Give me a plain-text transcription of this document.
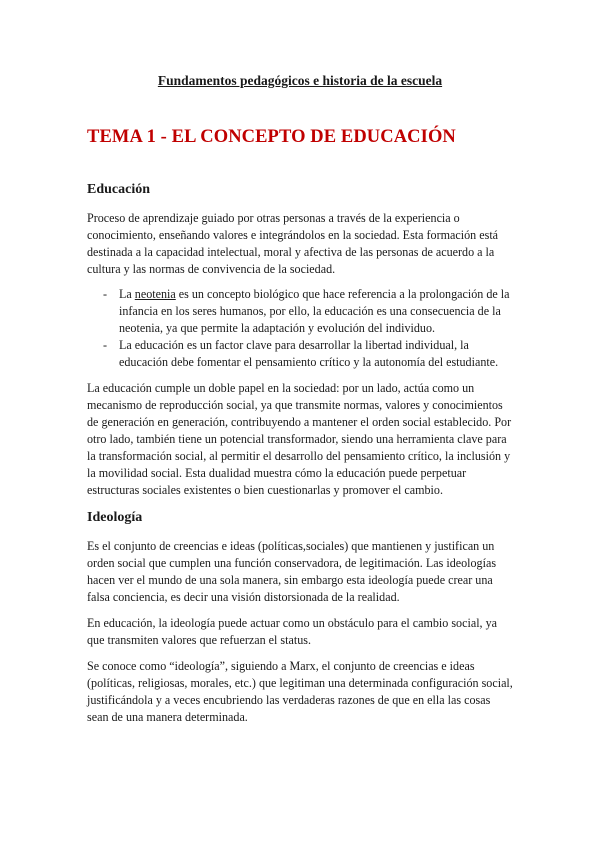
Fundamentos pedagógicos e historia de la escuela
TEMA 1 - EL CONCEPTO DE EDUCACIÓN
Educación

Proceso de aprendizaje guiado por otras personas a través de la experiencia o conocimiento, enseñando valores e integrándolos en la sociedad. Esta formación está destinada a la capacidad intelectual, moral y afectiva de las personas de acuerdo a la cultura y las normas de convivencia de la sociedad.

- La neotenia es un concepto biológico que hace referencia a la prolongación de la infancia en los seres humanos, por ello, la educación es una consecuencia de la neotenia, ya que permite la adaptación y evolución del individuo.
- La educación es un factor clave para desarrollar la libertad individual, la educación debe fomentar el pensamiento crítico y la autonomía del estudiante.

La educación cumple un doble papel en la sociedad: por un lado, actúa como un mecanismo de reproducción social, ya que transmite normas, valores y conocimientos de generación en generación, contribuyendo a mantener el orden social establecido. Por otro lado, también tiene un potencial transformador, siendo una herramienta clave para la transformación social, al permitir el desarrollo del pensamiento crítico, la inclusión y la movilidad social. Esta dualidad muestra cómo la educación puede perpetuar estructuras sociales existentes o bien cuestionarlas y promover el cambio.

Ideología

Es el conjunto de creencias e ideas (políticas,sociales) que mantienen y justifican un orden social que cumplen una función conservadora, de legitimación. Las ideologías hacen ver el mundo de una sola manera, sin embargo esta ideología puede crear una falsa conciencia, es decir una visión distorsionada de la realidad.

En educación, la ideología puede actuar como un obstáculo para el cambio social, ya que transmiten valores que refuerzan el status.

Se conoce como “ideología”, siguiendo a Marx, el conjunto de creencias e ideas (políticas, religiosas, morales, etc.) que legitiman una determinada configuración social, justificándola y a veces encubriendo las verdaderas razones de que en ella las cosas sean de una manera determinada.
